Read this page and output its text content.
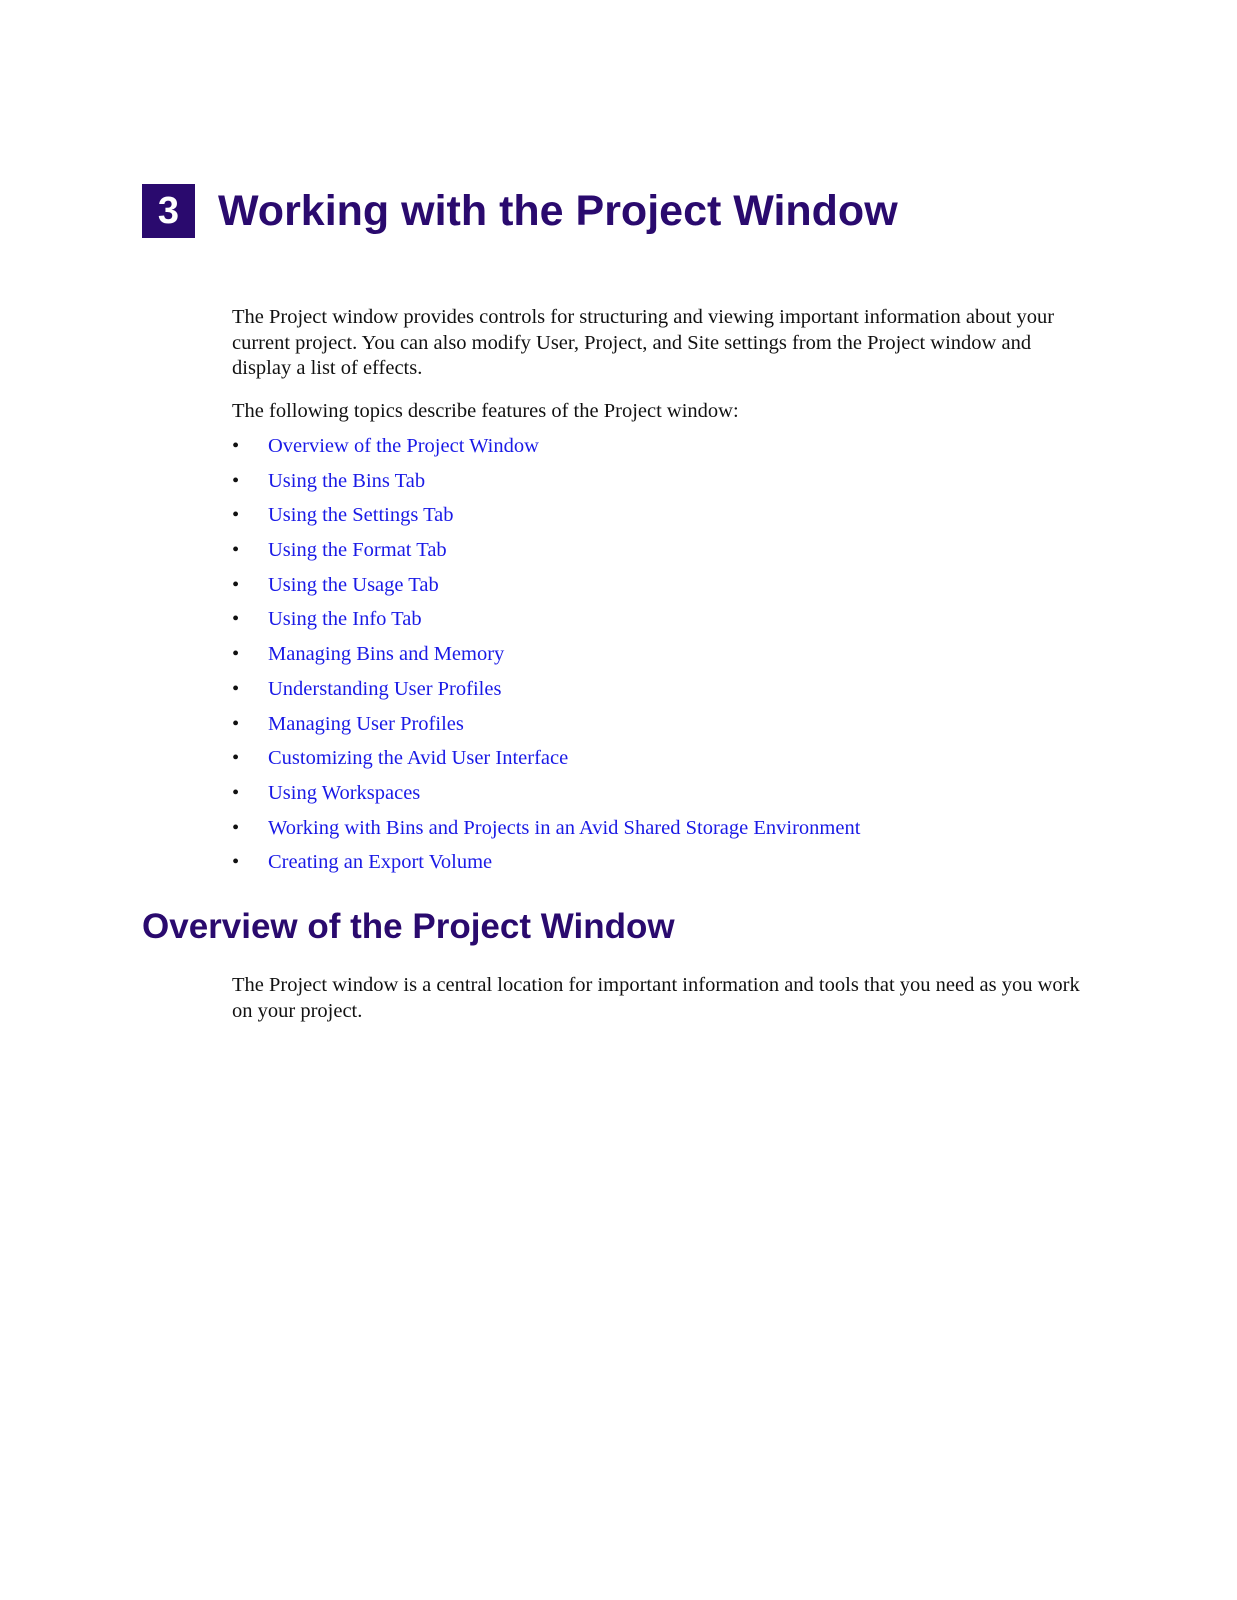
3 Working with the Project Window

The Project window provides controls for structuring and viewing important information about your current project. You can also modify User, Project, and Site settings from the Project window and display a list of effects.

The following topics describe features of the Project window:

•	Overview of the Project Window
•	Using the Bins Tab
•	Using the Settings Tab
•	Using the Format Tab
•	Using the Usage Tab
•	Using the Info Tab
•	Managing Bins and Memory
•	Understanding User Profiles
•	Managing User Profiles
•	Customizing the Avid User Interface
•	Using Workspaces
•	Working with Bins and Projects in an Avid Shared Storage Environment
•	Creating an Export Volume
Overview of the Project Window

The Project window is a central location for important information and tools that you need as you work on your project.
